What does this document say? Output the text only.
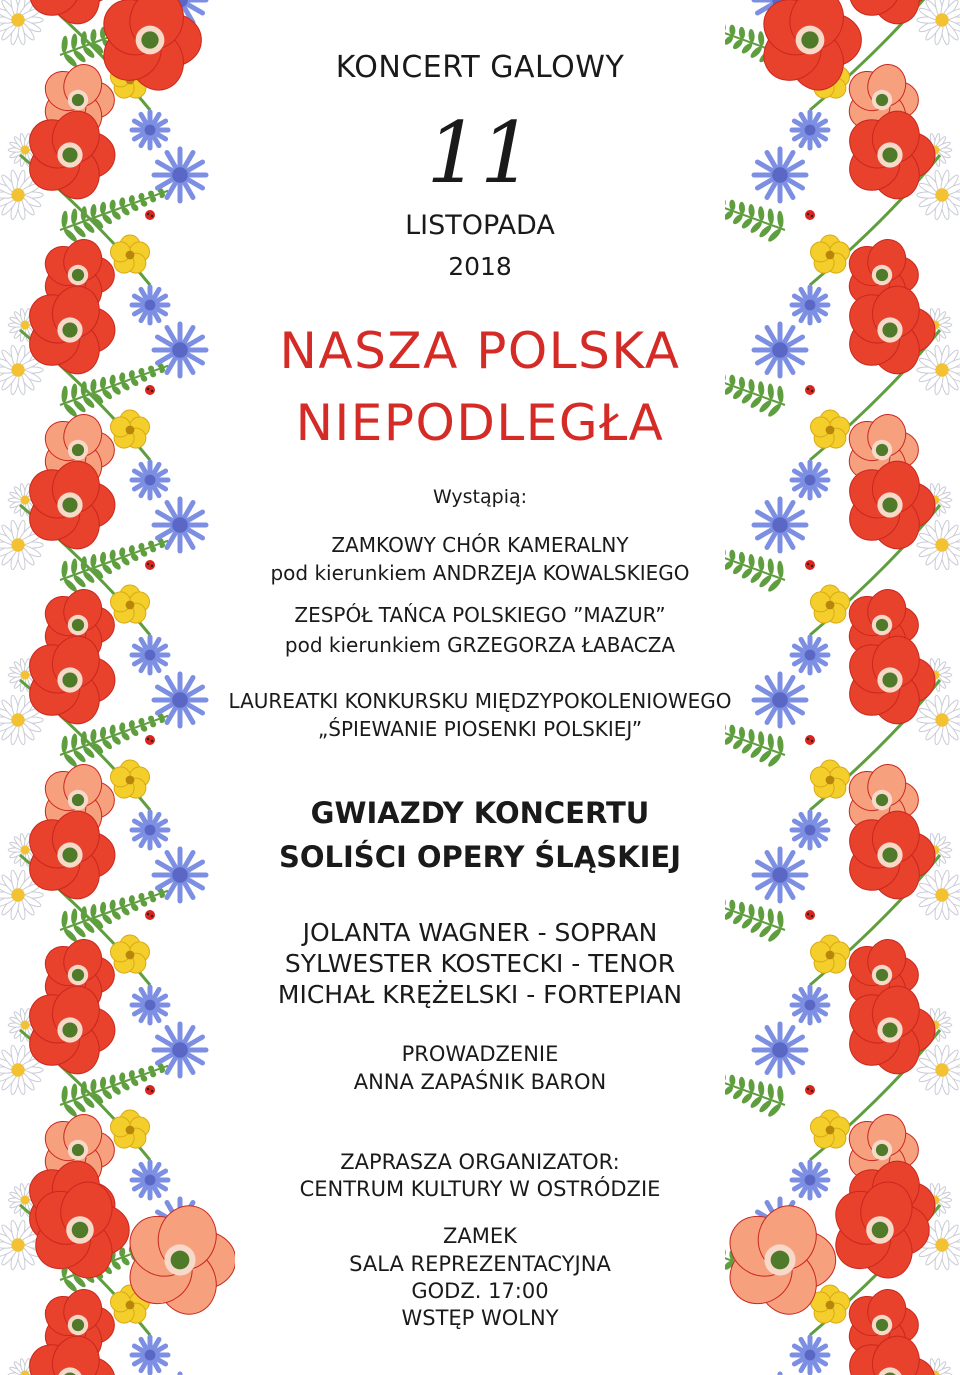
KONCERT GALOWY

11

LISTOPADA

2018

NASZA POLSKA
NIEPODLEGŁA

Wystąpią:

ZAMKOWY CHÓR KAMERALNY

pod kierunkiem ANDRZEJA KOWALSKIEGO

ZESPÓŁ TAŃCA POLSKIEGO ”MAZUR”

pod kierunkiem GRZEGORZA ŁABACZA

LAUREATKI KONKURSKU MIĘDZYPOKOLENIOWEGO

„ŚPIEWANIE PIOSENKI POLSKIEJ”

GWIAZDY KONCERTU

SOLIŚCI OPERY ŚLĄSKIEJ

JOLANTA WAGNER - SOPRAN

SYLWESTER KOSTECKI - TENOR

MICHAŁ KRĘŻELSKI - FORTEPIAN

PROWADZENIE

ANNA ZAPAŚNIK BARON

ZAPRASZA ORGANIZATOR:

CENTRUM KULTURY W OSTRÓDZIE

ZAMEK

SALA REPREZENTACYJNA

GODZ. 17:00

WSTĘP WOLNY
